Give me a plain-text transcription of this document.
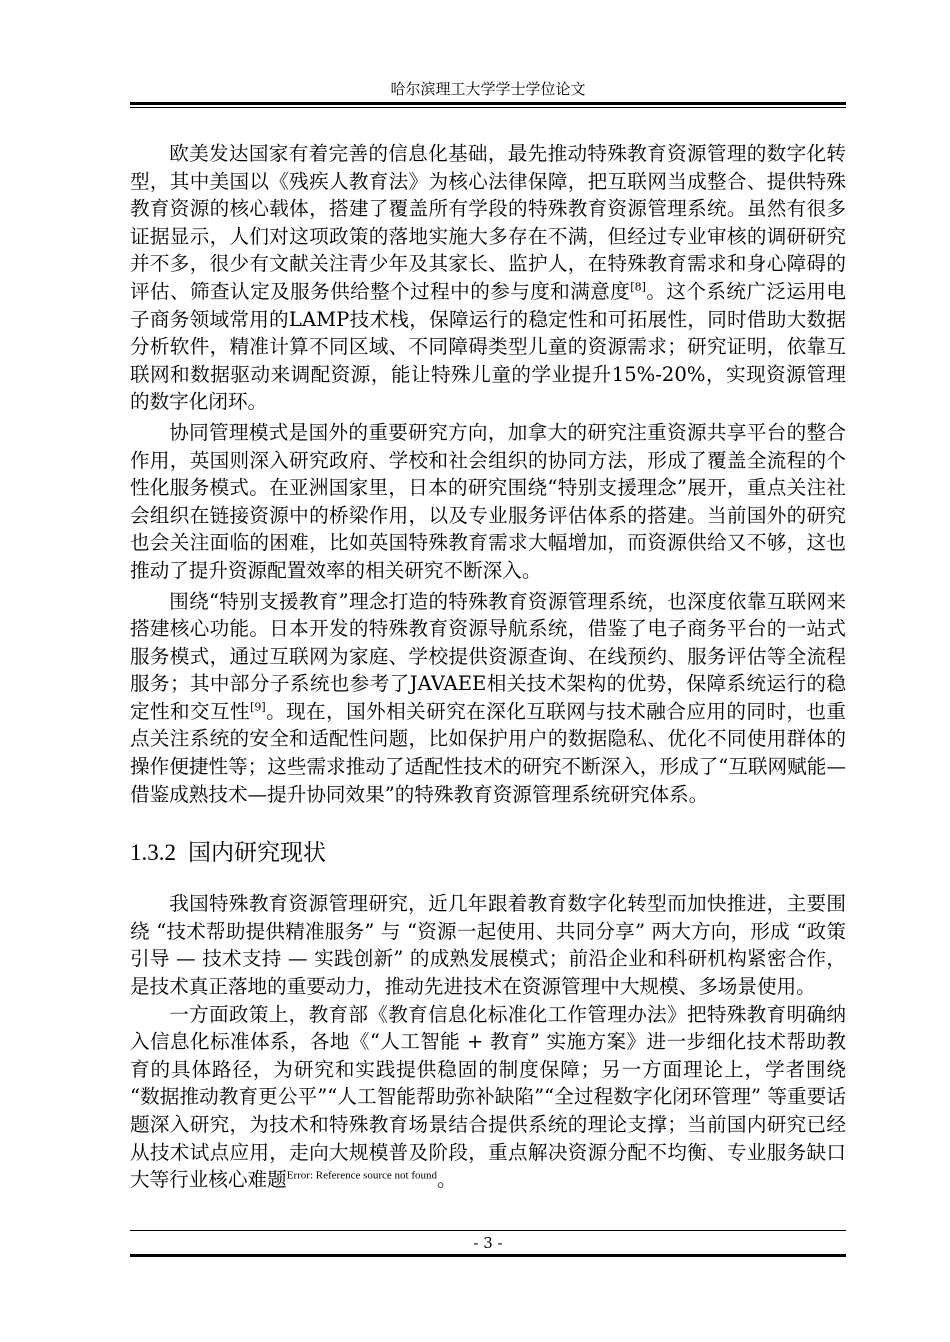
哈尔滨理工大学学士学位论文

欧美发达国家有着完善的信息化基础，最先推动特殊教育资源管理的数字化转型，其中美国以《残疾人教育法》为核心法律保障，把互联网当成整合、提供特殊教育资源的核心载体，搭建了覆盖所有学段的特殊教育资源管理系统。虽然有很多证据显示，人们对这项政策的落地实施大多存在不满，但经过专业审核的调研研究并不多，很少有文献关注青少年及其家长、监护人，在特殊教育需求和身心障碍的评估、筛查认定及服务供给整个过程中的参与度和满意度[8]。这个系统广泛运用电子商务领域常用的LAMP技术栈，保障运行的稳定性和可拓展性，同时借助大数据分析软件，精准计算不同区域、不同障碍类型儿童的资源需求；研究证明，依靠互联网和数据驱动来调配资源，能让特殊儿童的学业提升15%-20%，实现资源管理的数字化闭环。

协同管理模式是国外的重要研究方向，加拿大的研究注重资源共享平台的整合作用，英国则深入研究政府、学校和社会组织的协同方法，形成了覆盖全流程的个性化服务模式。在亚洲国家里，日本的研究围绕“特别支援理念”展开，重点关注社会组织在链接资源中的桥梁作用，以及专业服务评估体系的搭建。当前国外的研究也会关注面临的困难，比如英国特殊教育需求大幅增加，而资源供给又不够，这也推动了提升资源配置效率的相关研究不断深入。

围绕“特别支援教育”理念打造的特殊教育资源管理系统，也深度依靠互联网来搭建核心功能。日本开发的特殊教育资源导航系统，借鉴了电子商务平台的一站式服务模式，通过互联网为家庭、学校提供资源查询、在线预约、服务评估等全流程服务；其中部分子系统也参考了JAVAEE相关技术架构的优势，保障系统运行的稳定性和交互性[9]。现在，国外相关研究在深化互联网与技术融合应用的同时，也重点关注系统的安全和适配性问题，比如保护用户的数据隐私、优化不同使用群体的操作便捷性等；这些需求推动了适配性技术的研究不断深入，形成了“互联网赋能—借鉴成熟技术—提升协同效果”的特殊教育资源管理系统研究体系。

1.3.2 国内研究现状

我国特殊教育资源管理研究，近几年跟着教育数字化转型而加快推进，主要围绕 “技术帮助提供精准服务” 与 “资源一起使用、共同分享” 两大方向，形成 “政策引导 — 技术支持 — 实践创新” 的成熟发展模式；前沿企业和科研机构紧密合作，是技术真正落地的重要动力，推动先进技术在资源管理中大规模、多场景使用。

一方面政策上，教育部《教育信息化标准化工作管理办法》把特殊教育明确纳入信息化标准体系，各地《“人工智能 + 教育” 实施方案》进一步细化技术帮助教育的具体路径，为研究和实践提供稳固的制度保障；另一方面理论上，学者围绕 “数据推动教育更公平”“人工智能帮助弥补缺陷”“全过程数字化闭环管理” 等重要话题深入研究，为技术和特殊教育场景结合提供系统的理论支撑；当前国内研究已经从技术试点应用，走向大规模普及阶段，重点解决资源分配不均衡、专业服务缺口大等行业核心难题$^{Error: Reference source not found}$。

- 3 -
